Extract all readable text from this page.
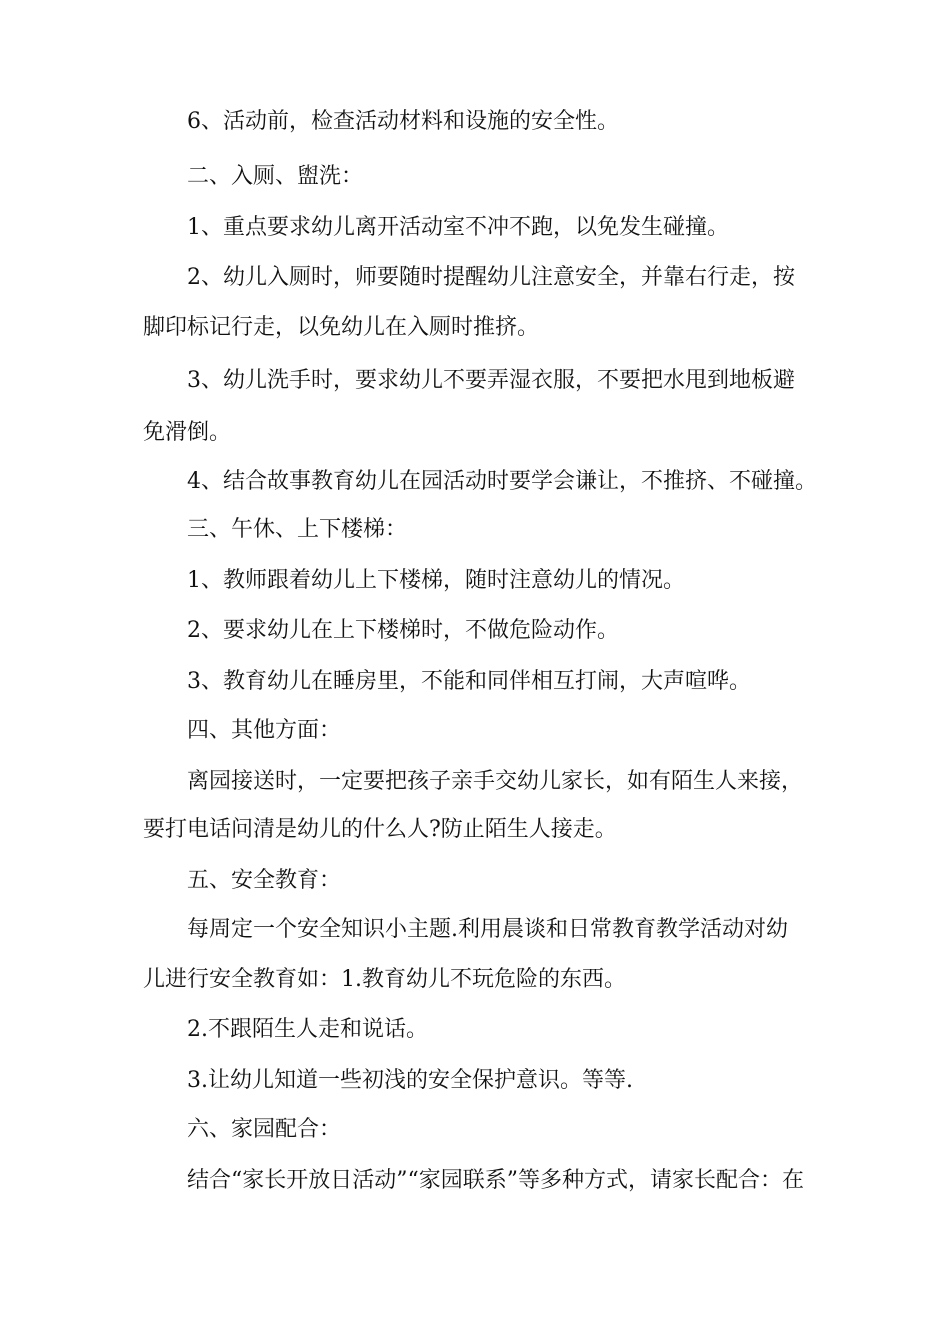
6、活动前，检查活动材料和设施的安全性。
二、入厕、盥洗：
1、重点要求幼儿离开活动室不冲不跑，以免发生碰撞。
2、幼儿入厕时，师要随时提醒幼儿注意安全，并靠右行走，按
脚印标记行走，以免幼儿在入厕时推挤。
3、幼儿洗手时，要求幼儿不要弄湿衣服，不要把水甩到地板避
免滑倒。
4、结合故事教育幼儿在园活动时要学会谦让，不推挤、不碰撞。
三、午休、上下楼梯：
1、教师跟着幼儿上下楼梯，随时注意幼儿的情况。
2、要求幼儿在上下楼梯时，不做危险动作。
3、教育幼儿在睡房里，不能和同伴相互打闹，大声喧哗。
四、其他方面：
离园接送时，一定要把孩子亲手交幼儿家长，如有陌生人来接，
要打电话问清是幼儿的什么人?防止陌生人接走。
五、安全教育：
每周定一个安全知识小主题.利用晨谈和日常教育教学活动对幼
儿进行安全教育如：1.教育幼儿不玩危险的东西。
2.不跟陌生人走和说话。
3.让幼儿知道一些初浅的安全保护意识。等等.
六、家园配合：
结合“家长开放日活动”“家园联系”等多种方式，请家长配合：在
